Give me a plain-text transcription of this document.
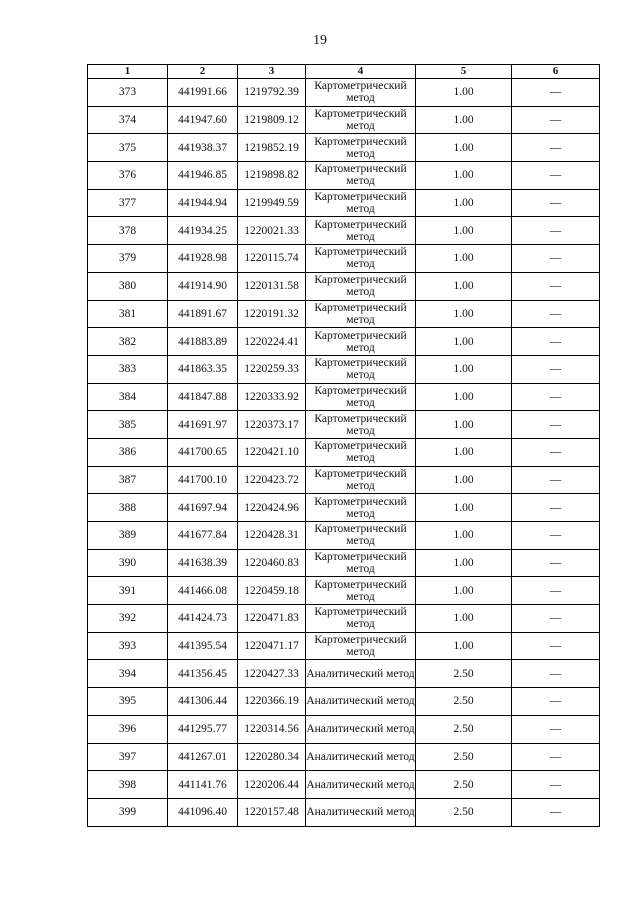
19
1	2	3	4	5	6
373	441991.66	1219792.39	Картометрический метод	1.00	—
374	441947.60	1219809.12	Картометрический метод	1.00	—
375	441938.37	1219852.19	Картометрический метод	1.00	—
376	441946.85	1219898.82	Картометрический метод	1.00	—
377	441944.94	1219949.59	Картометрический метод	1.00	—
378	441934.25	1220021.33	Картометрический метод	1.00	—
379	441928.98	1220115.74	Картометрический метод	1.00	—
380	441914.90	1220131.58	Картометрический метод	1.00	—
381	441891.67	1220191.32	Картометрический метод	1.00	—
382	441883.89	1220224.41	Картометрический метод	1.00	—
383	441863.35	1220259.33	Картометрический метод	1.00	—
384	441847.88	1220333.92	Картометрический метод	1.00	—
385	441691.97	1220373.17	Картометрический метод	1.00	—
386	441700.65	1220421.10	Картометрический метод	1.00	—
387	441700.10	1220423.72	Картометрический метод	1.00	—
388	441697.94	1220424.96	Картометрический метод	1.00	—
389	441677.84	1220428.31	Картометрический метод	1.00	—
390	441638.39	1220460.83	Картометрический метод	1.00	—
391	441466.08	1220459.18	Картометрический метод	1.00	—
392	441424.73	1220471.83	Картометрический метод	1.00	—
393	441395.54	1220471.17	Картометрический метод	1.00	—
394	441356.45	1220427.33	Аналитический метод	2.50	—
395	441306.44	1220366.19	Аналитический метод	2.50	—
396	441295.77	1220314.56	Аналитический метод	2.50	—
397	441267.01	1220280.34	Аналитический метод	2.50	—
398	441141.76	1220206.44	Аналитический метод	2.50	—
399	441096.40	1220157.48	Аналитический метод	2.50	—
